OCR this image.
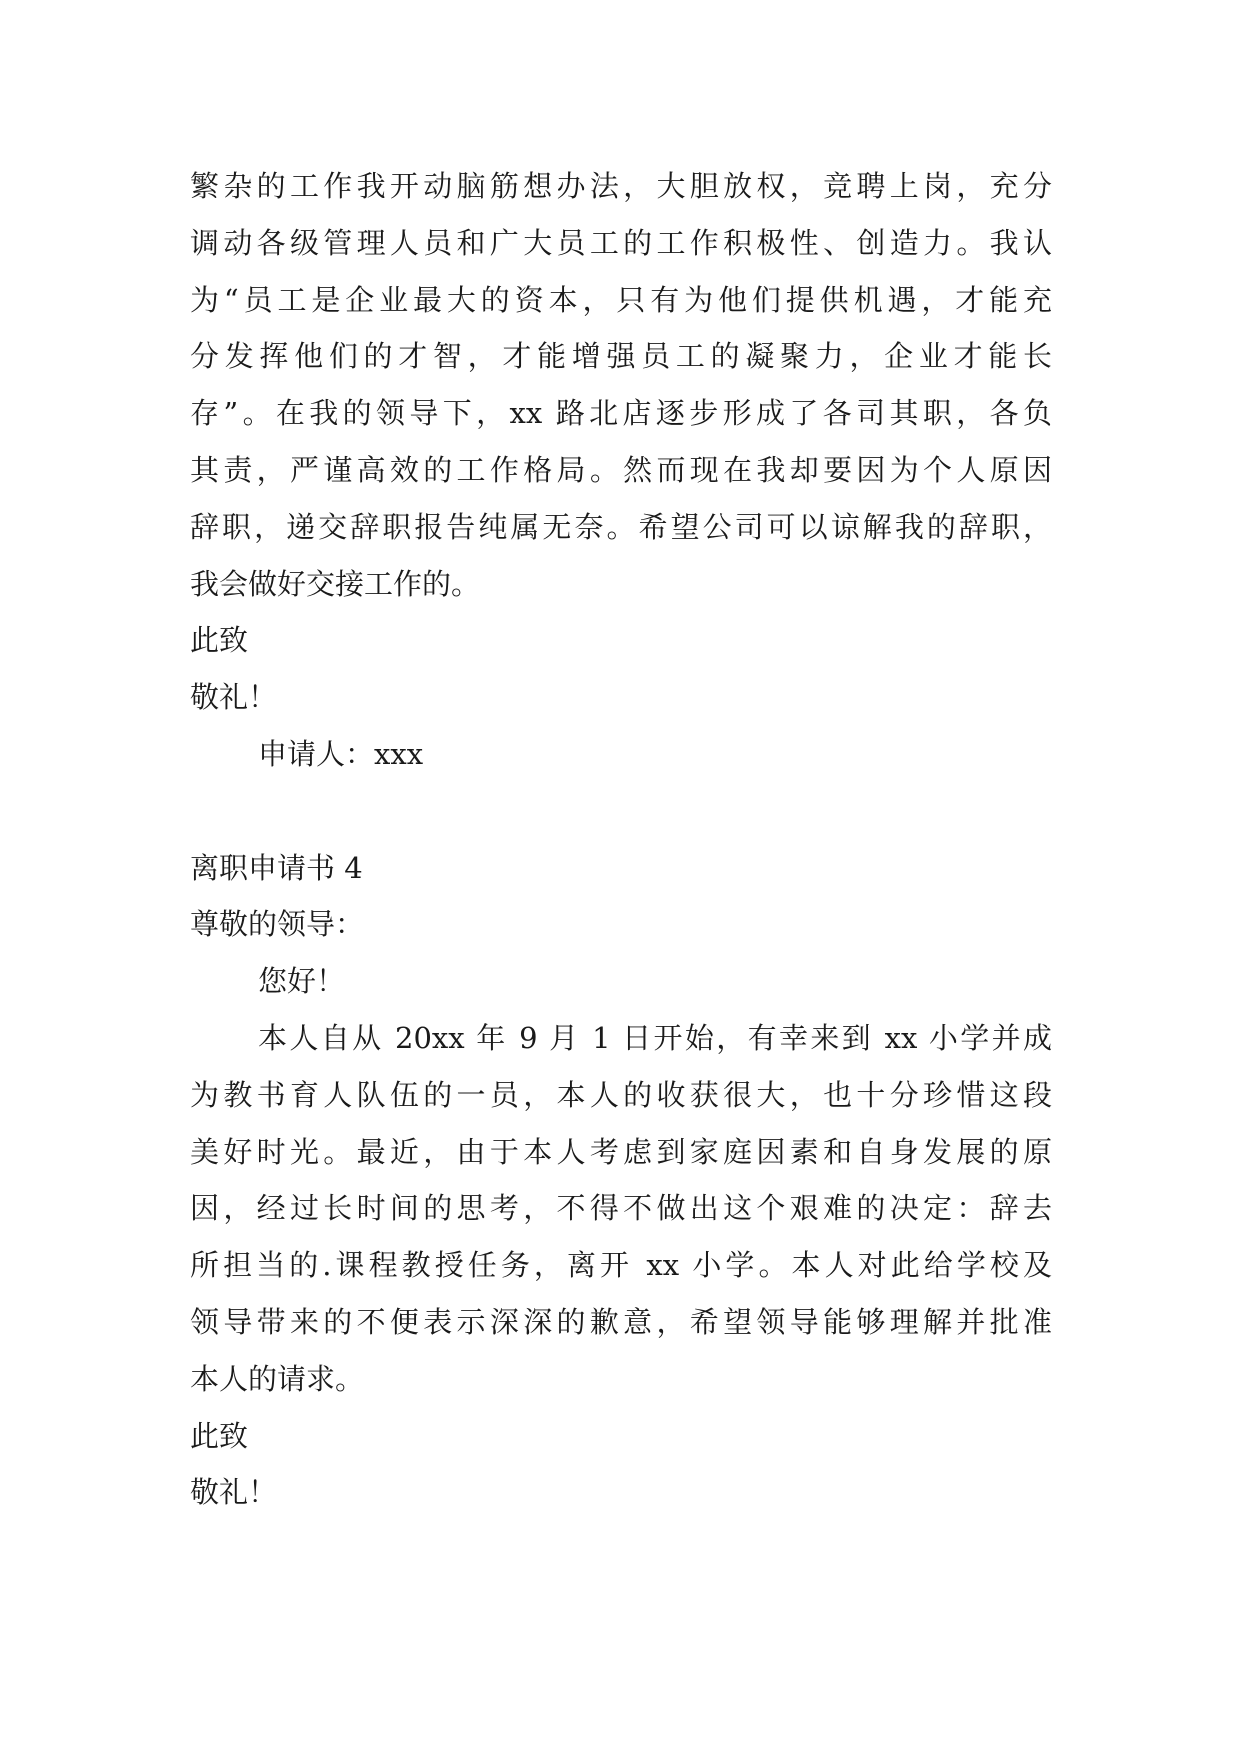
繁杂的工作我开动脑筋想办法，大胆放权，竞聘上岗，充分
调动各级管理人员和广大员工的工作积极性、创造力。我认
为“员工是企业最大的资本，只有为他们提供机遇，才能充
分发挥他们的才智，才能增强员工的凝聚力，企业才能长
存”。在我的领导下，xx 路北店逐步形成了各司其职，各负
其责，严谨高效的工作格局。然而现在我却要因为个人原因
辞职，递交辞职报告纯属无奈。希望公司可以谅解我的辞职，
我会做好交接工作的。
此致
敬礼！
申请人：xxx
离职申请书 4
尊敬的领导：
您好！
本人自从 20xx 年 9 月 1 日开始，有幸来到 xx 小学并成
为教书育人队伍的一员，本人的收获很大，也十分珍惜这段
美好时光。最近，由于本人考虑到家庭因素和自身发展的原
因，经过长时间的思考，不得不做出这个艰难的决定：辞去
所担当的.课程教授任务，离开 xx 小学。本人对此给学校及
领导带来的不便表示深深的歉意，希望领导能够理解并批准
本人的请求。
此致
敬礼！
